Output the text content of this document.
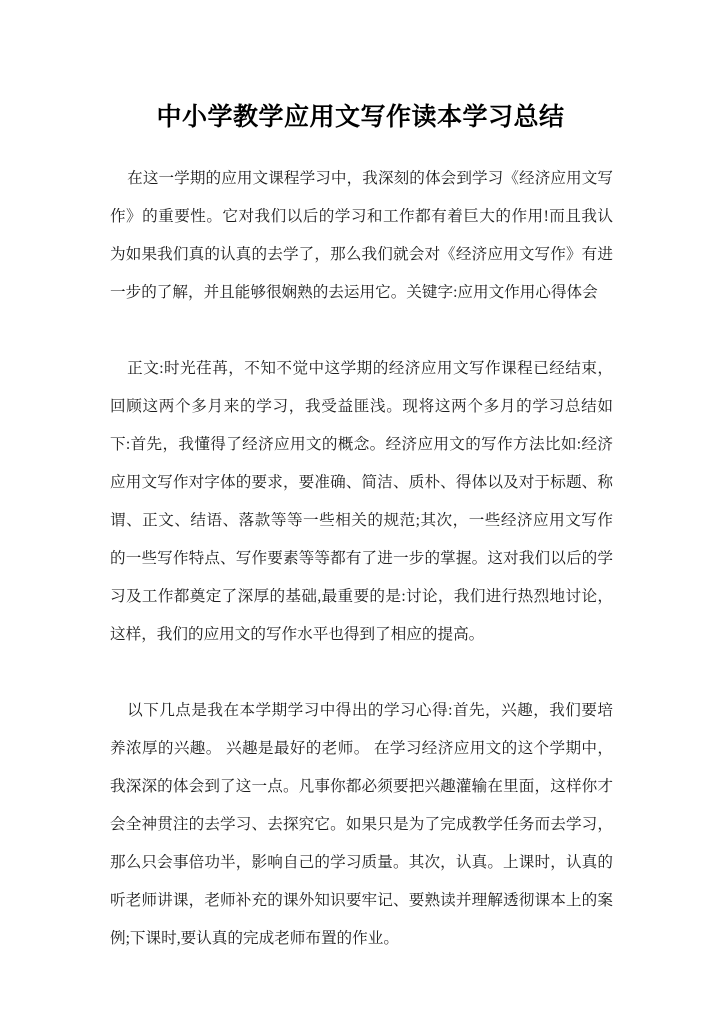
中小学教学应用文写作读本学习总结

在这一学期的应用文课程学习中，我深刻的体会到学习《经济应用文写作》的重要性。它对我们以后的学习和工作都有着巨大的作用!而且我认为如果我们真的认真的去学了，那么我们就会对《经济应用文写作》有进一步的了解，并且能够很娴熟的去运用它。关键字:应用文作用心得体会

正文:时光荏苒，不知不觉中这学期的经济应用文写作课程已经结束，回顾这两个多月来的学习，我受益匪浅。现将这两个多月的学习总结如下:首先，我懂得了经济应用文的概念。经济应用文的写作方法比如:经济应用文写作对字体的要求，要准确、简洁、质朴、得体以及对于标题、称谓、正文、结语、落款等等一些相关的规范;其次，一些经济应用文写作的一些写作特点、写作要素等等都有了进一步的掌握。这对我们以后的学习及工作都奠定了深厚的基础,最重要的是:讨论，我们进行热烈地讨论，这样，我们的应用文的写作水平也得到了相应的提高。

以下几点是我在本学期学习中得出的学习心得:首先，兴趣，我们要培养浓厚的兴趣。 兴趣是最好的老师。 在学习经济应用文的这个学期中，我深深的体会到了这一点。凡事你都必须要把兴趣灌输在里面，这样你才会全神贯注的去学习、去探究它。如果只是为了完成教学任务而去学习，那么只会事倍功半，影响自己的学习质量。其次，认真。上课时，认真的听老师讲课，老师补充的课外知识要牢记、要熟读并理解透彻课本上的案例;下课时,要认真的完成老师布置的作业。
